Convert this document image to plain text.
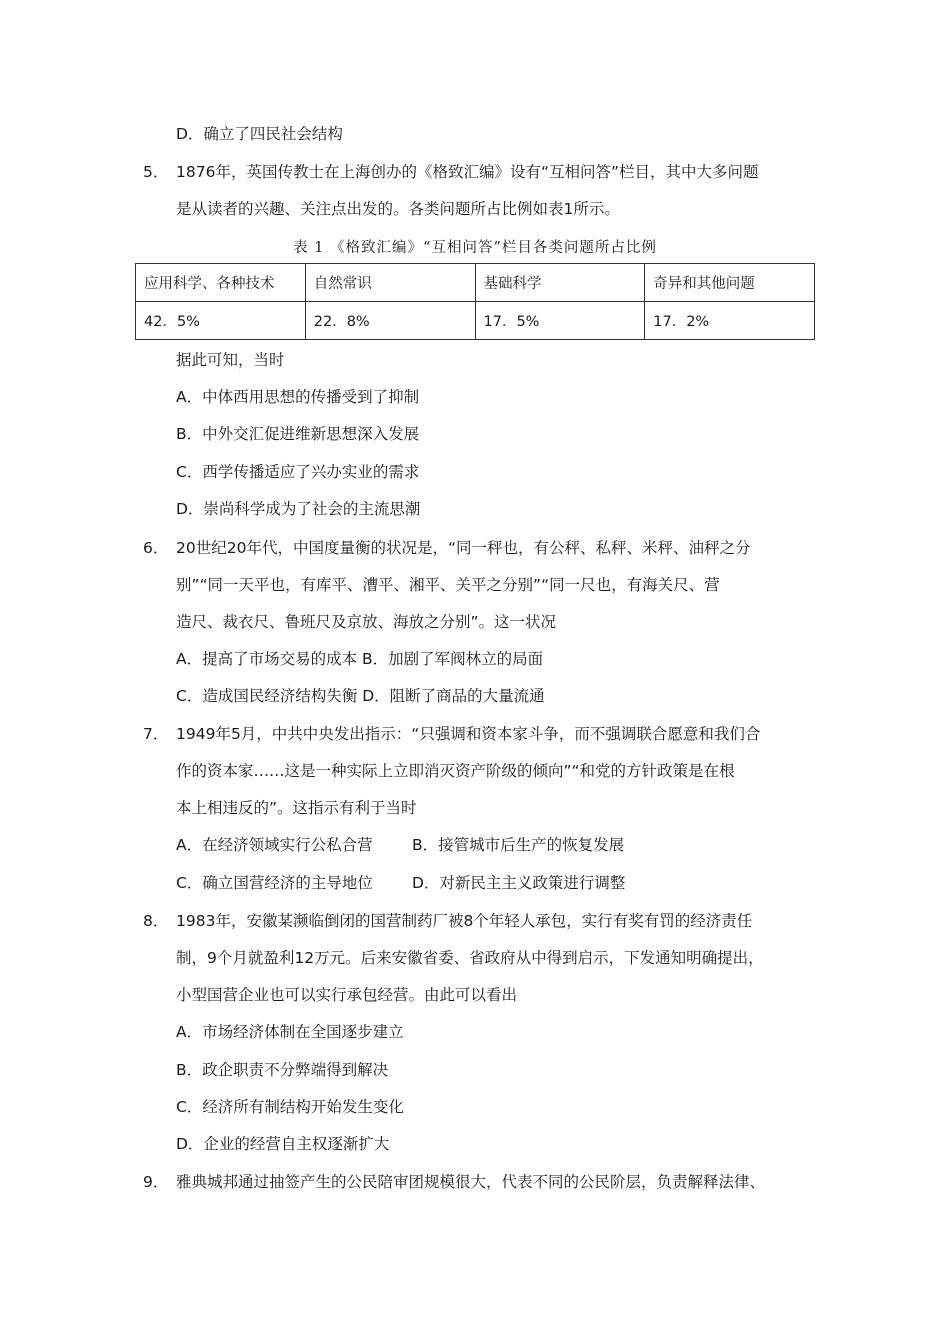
D．确立了四民社会结构
5． 1876年，英国传教士在上海创办的《格致汇编》设有“互相问答”栏目，其中大多问题
是从读者的兴趣、关注点出发的。各类问题所占比例如表1所示。
表 1 《格致汇编》“互相问答”栏目各类问题所占比例
应用科学、各种技术	自然常识	基础科学	奇异和其他问题
42．5%	22．8%	17．5%	17．2%
据此可知，当时
A．中体西用思想的传播受到了抑制
B．中外交汇促进维新思想深入发展
C．西学传播适应了兴办实业的需求
D．崇尚科学成为了社会的主流思潮
6． 20世纪20年代，中国度量衡的状况是，“同一秤也，有公秤、私秤、米秤、油秤之分
别”“同一天平也，有库平、漕平、湘平、关平之分别”“同一尺也，有海关尺、营
造尺、裁衣尺、鲁班尺及京放、海放之分别”。这一状况
A．提高了市场交易的成本 B．加剧了军阀林立的局面
C．造成国民经济结构失衡 D．阻断了商品的大量流通
7． 1949年5月，中共中央发出指示：“只强调和资本家斗争，而不强调联合愿意和我们合
作的资本家……这是一种实际上立即消灭资产阶级的倾向”“和党的方针政策是在根
本上相违反的”。这指示有利于当时
A．在经济领域实行公私合营	B．接管城市后生产的恢复发展
C．确立国营经济的主导地位	D．对新民主主义政策进行调整
8． 1983年，安徽某濒临倒闭的国营制药厂被8个年轻人承包，实行有奖有罚的经济责任
制，9个月就盈利12万元。后来安徽省委、省政府从中得到启示，下发通知明确提出，
小型国营企业也可以实行承包经营。由此可以看出
A．市场经济体制在全国逐步建立
B．政企职责不分弊端得到解决
C．经济所有制结构开始发生变化
D．企业的经营自主权逐渐扩大
9． 雅典城邦通过抽签产生的公民陪审团规模很大，代表不同的公民阶层，负责解释法律、
